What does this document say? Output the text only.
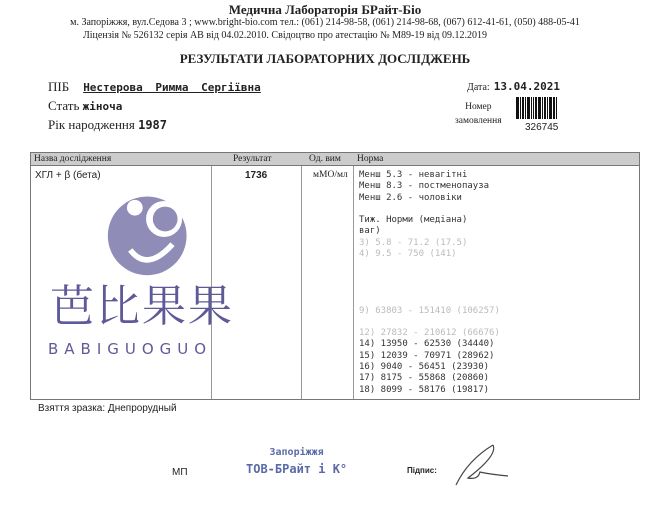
Медична Лабораторія БРайт-Біо
м. Запоріжжя, вул.Седова 3 ; www.bright-bio.com тел.: (061) 214-98-58, (061) 214-98-68, (067) 612-41-61, (050) 488-05-41
Ліцензія № 526132 серія АВ від 04.02.2010. Свідоцтво про атестацію № М89-19 від 09.12.2019
РЕЗУЛЬТАТИ ЛАБОРАТОРНИХ ДОСЛІДЖЕНЬ
ПІБ Нестерова Римма Сергіївна
Стать жіноча
Рік народження 1987
Дата: 13.04.2021
Номер
замовлення
326745
Назва дослідження	Результат	Од. вим Норма
ХГЛ + β (бета)	1736	мМО/мл Менш 5.3 - невагітні
Менш 8.3 - постменопауза
Менш 2.6 - чоловіки

Тиж. Норми (медіана)
ваг)
3) 5.8 - 71.2 (17.5)
4) 9.5 - 750 (141)

9) 63803 - 151410 (106257)

12) 27832 - 210612 (66676)
14) 13950 - 62530 (34440)
15) 12039 - 70971 (28962)
16) 9040 - 56451 (23930)
17) 8175 - 55868 (20860)
18) 8099 - 58176 (19817)
芭比果果
BABIGUOGUO
Взяття зразка: Днепрорудный
МП
Запоріжжя
ТОВ-БРайт і К°	Підпис:
